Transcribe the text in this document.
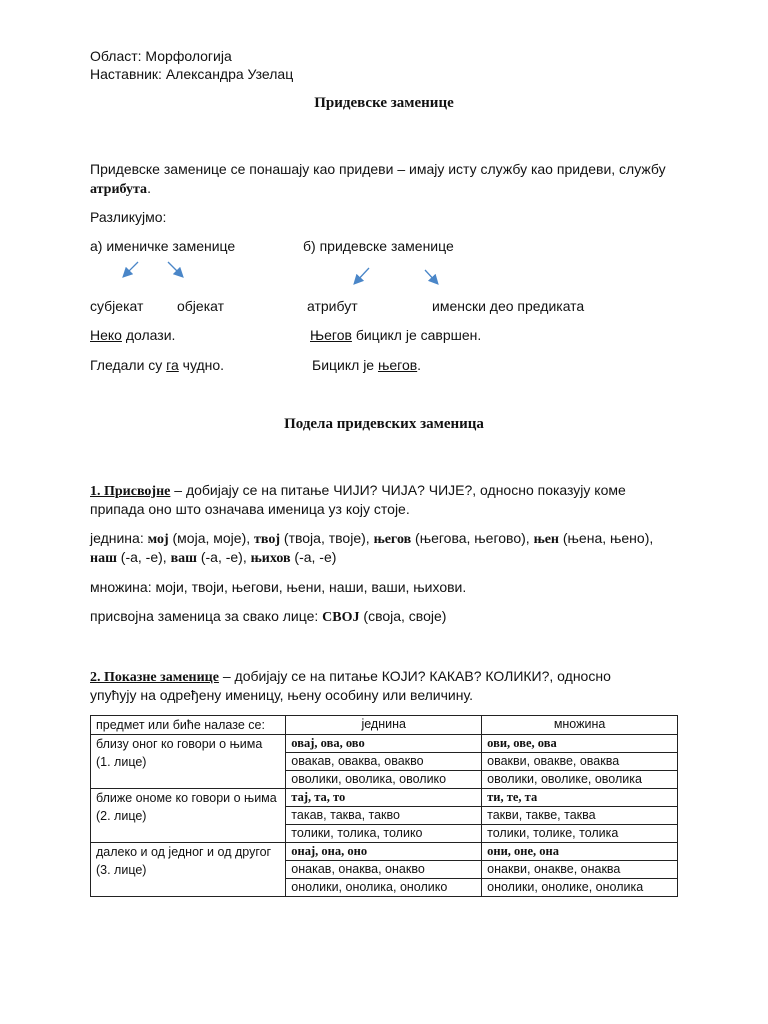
Област: Морфологија
Наставник: Александра Узелац
Придевске заменице
Придевске заменице се понашају као придеви – имају исту службу као придеви, службу
атрибута.
Разликујмо:
а) именичке заменице	б) придевске заменице
субјекат објекат	атрибут	именски део предиката
Неко долази.	Његов бицикл је савршен.
Гледали су га чудно.	Бицикл је његов.
Подела придевских заменица
1. Присвојне – добијају се на питање ЧИЈИ? ЧИЈА? ЧИЈЕ?, односно показују коме
припада оно што означава именица уз коју стоје.
једнина: мој (моја, моје), твој (твоја, твоје), његов (његова, његово), њен (њена, њено),
наш (-а, -е), ваш (-а, -е), њихов (-а, -е)
множина: моји, твоји, његови, њени, наши, ваши, њихови.
присвојна заменица за свако лице: СВОЈ (своја, своје)
2. Показне заменице – добијају се на питање КОЈИ? КАКАВ? КОЛИКИ?, односно
упућују на одређену именицу, њену особину или величину.
предмет или биће налазе се:	једнина	множина
близу оног ко говори о њима (1. лице)	овај, ова, ово	ови, ове, ова
	овакав, оваква, овакво	овакви, овакве, оваква
	оволики, оволика, оволико	оволики, оволике, оволика
ближе ономе ко говори о њима (2. лице)	тај, та, то	ти, те, та
	такав, таква, такво	такви, такве, таква
	толики, толика, толико	толики, толике, толика
далеко и од једног и од другог (3. лице)	онај, она, оно	они, оне, она
	онакав, онаква, онакво	онакви, онакве, онаква
	онолики, онолика, онолико	онолики, онолике, онолика
